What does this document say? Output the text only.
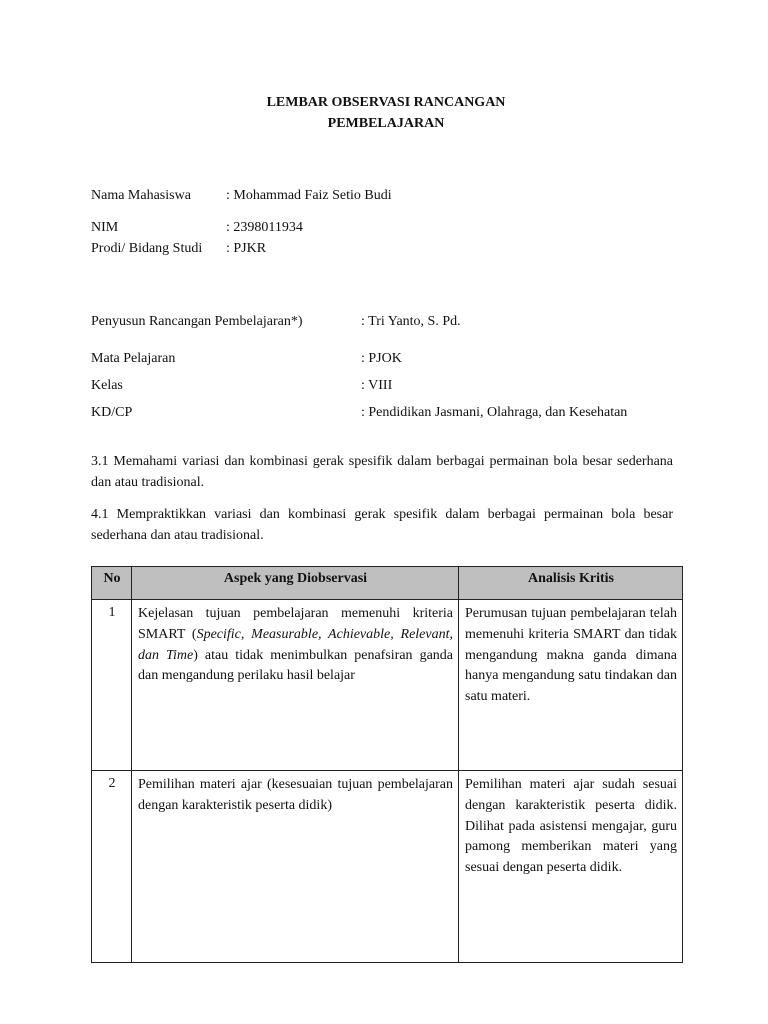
LEMBAR OBSERVASI RANCANGAN
PEMBELAJARAN
Nama Mahasiswa	: Mohammad Faiz Setio Budi
NIM	: 2398011934
Prodi/ Bidang Studi : PJKR
Penyusun Rancangan Pembelajaran*)	: Tri Yanto, S. Pd.
Mata Pelajaran	: PJOK
Kelas	: VIII
KD/CP	: Pendidikan Jasmani, Olahraga, dan Kesehatan
3.1 Memahami variasi dan kombinasi gerak spesifik dalam berbagai permainan bola besar sederhana dan atau tradisional.
4.1 Mempraktikkan variasi dan kombinasi gerak spesifik dalam berbagai permainan bola besar sederhana dan atau tradisional.
No	Aspek yang Diobservasi	Analisis Kritis
1	Kejelasan tujuan pembelajaran memenuhi kriteria SMART (Specific, Measurable, Achievable, Relevant, dan Time) atau tidak menimbulkan penafsiran ganda dan mengandung perilaku hasil belajar	Perumusan tujuan pembelajaran telah memenuhi kriteria SMART dan tidak mengandung makna ganda dimana hanya mengandung satu tindakan dan satu materi.
2	Pemilihan materi ajar (kesesuaian tujuan pembelajaran dengan karakteristik peserta didik)	Pemilihan materi ajar sudah sesuai dengan karakteristik peserta didik. Dilihat pada asistensi mengajar, guru pamong memberikan materi yang sesuai dengan peserta didik.
